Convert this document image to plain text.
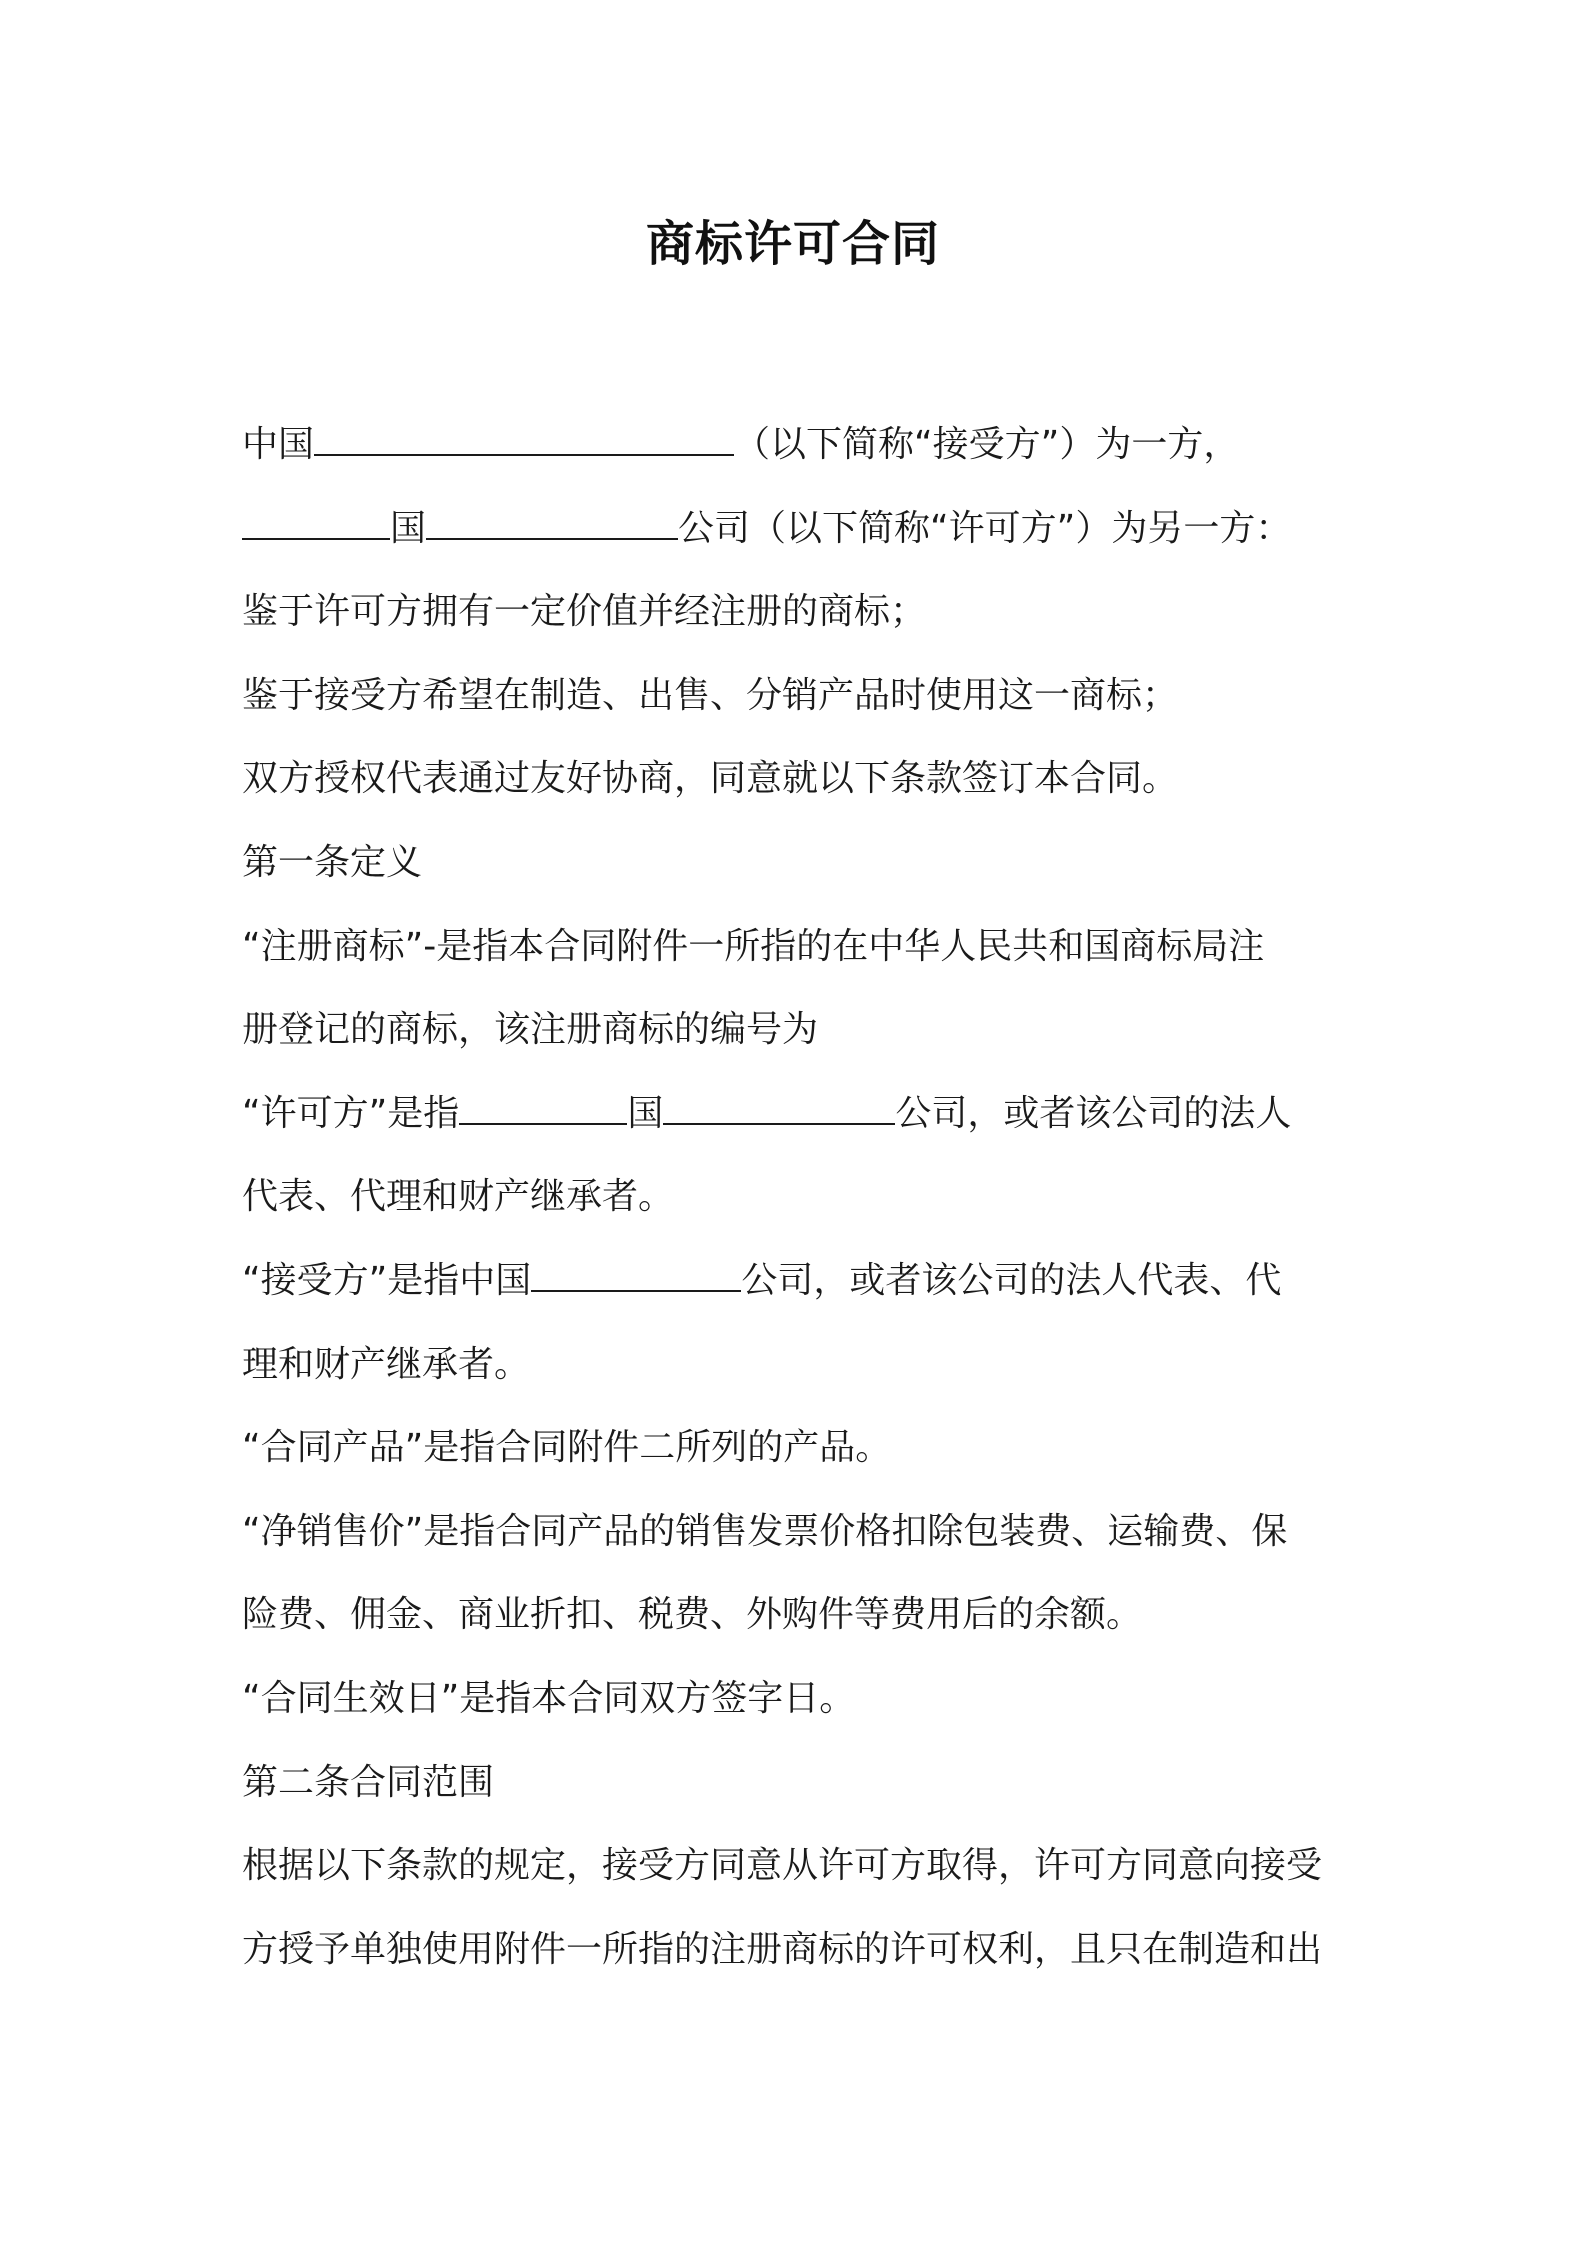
商标许可合同
中国	（以下简称“接受方”）为一方，
国	公司（以下简称“许可方”）为另一方：
鉴于许可方拥有一定价值并经注册的商标；
鉴于接受方希望在制造、出售、分销产品时使用这一商标；
双方授权代表通过友好协商，同意就以下条款签订本合同。
第一条定义
“注册商标”-是指本合同附件一所指的在中华人民共和国商标局注
册登记的商标，该注册商标的编号为
“许可方”是指	国	公司，或者该公司的法人
代表、代理和财产继承者。
“接受方”是指中国	公司，或者该公司的法人代表、代
理和财产继承者。
“合同产品”是指合同附件二所列的产品。
“净销售价”是指合同产品的销售发票价格扣除包装费、运输费、保
险费、佣金、商业折扣、税费、外购件等费用后的余额。
“合同生效日”是指本合同双方签字日。
第二条合同范围
根据以下条款的规定，接受方同意从许可方取得，许可方同意向接受
方授予单独使用附件一所指的注册商标的许可权利，且只在制造和出
